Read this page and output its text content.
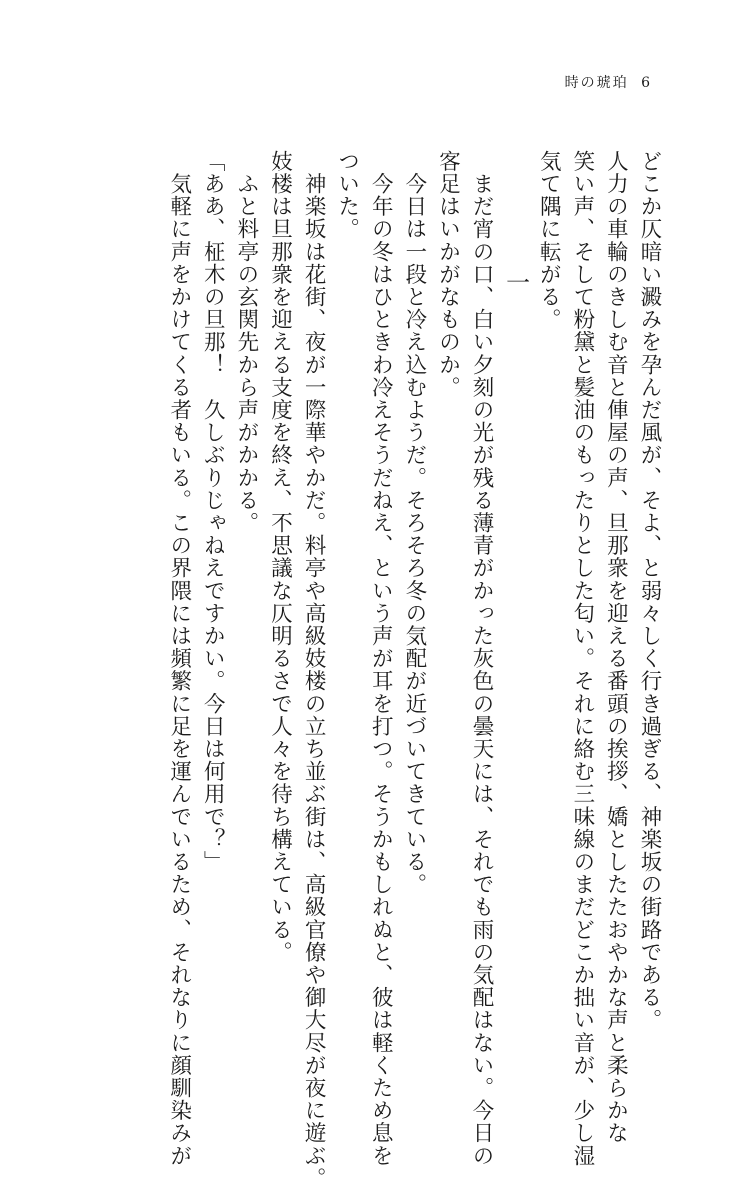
時の琥珀 6
どこか仄暗い澱みを孕んだ風が、そよ、と弱々しく行き過ぎる、神楽坂の街路である。
人力の車輪のきしむ音と俥屋の声、旦那衆を迎える番頭の挨拶、嬌としたたおやかな声と柔らかな
笑い声、そして粉黛と髪油のもったりとした匂い。それに絡む三味線のまだどこか拙い音が、少し湿
気て隅に転がる。
一
　まだ宵の口、白い夕刻の光が残る薄青がかった灰色の曇天には、それでも雨の気配はない。今日の
客足はいかがなものか。
　今日は一段と冷え込むようだ。そろそろ冬の気配が近づいてきている。
　今年の冬はひときわ冷えそうだねえ、という声が耳を打つ。そうかもしれぬと、彼は軽くため息を
ついた。
　神楽坂は花街、夜が一際華やかだ。料亭や高級妓楼の立ち並ぶ街は、高級官僚や御大尽が夜に遊ぶ。
妓楼は旦那衆を迎える支度を終え、不思議な仄明るさで人々を待ち構えている。
　ふと料亭の玄関先から声がかかる。
「ああ、柾木の旦那！　久しぶりじゃねえですかい。今日は何用で？」
　気軽に声をかけてくる者もいる。この界隈には頻繁に足を運んでいるため、それなりに顔馴染みが
